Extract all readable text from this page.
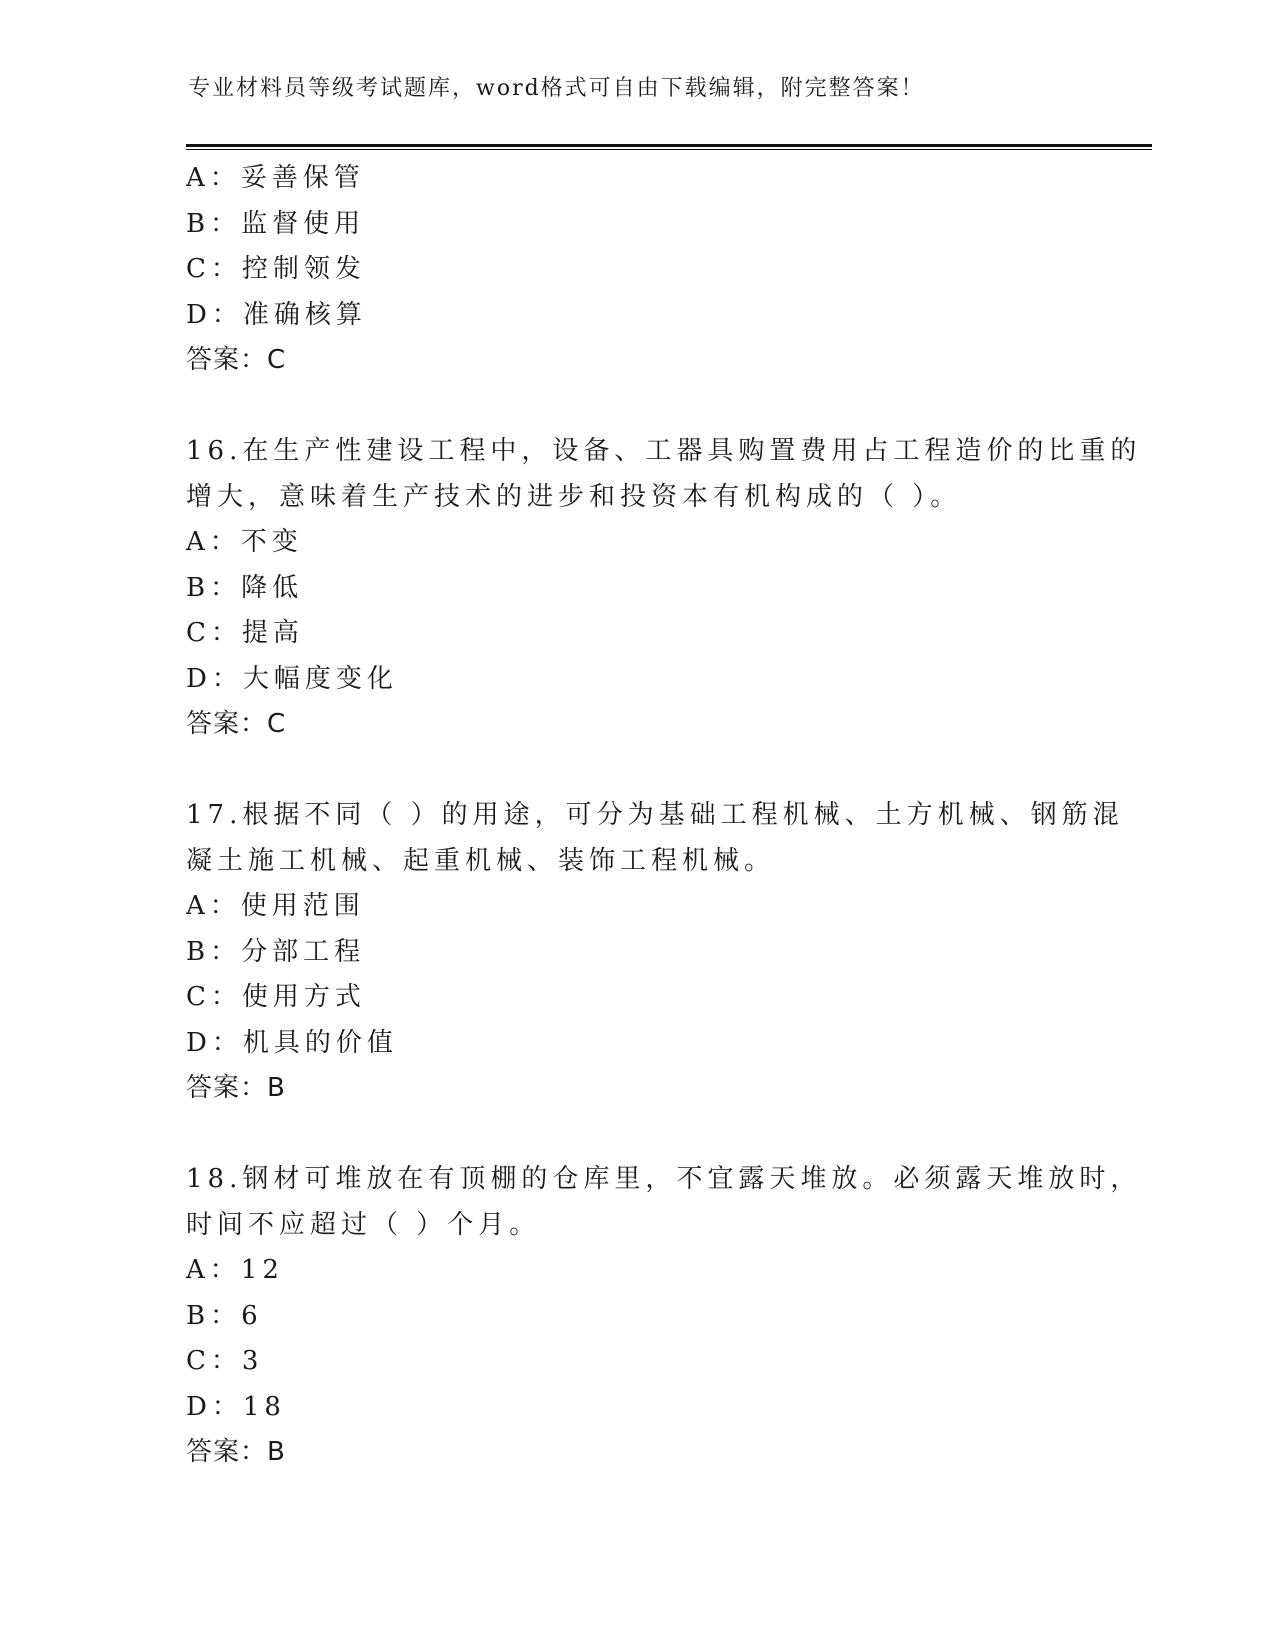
专业材料员等级考试题库，word格式可自由下载编辑，附完整答案！
A：妥善保管
B：监督使用
C：控制领发
D：准确核算
答案：C
16.在生产性建设工程中，设备、工器具购置费用占工程造价的比重的
增大，意味着生产技术的进步和投资本有机构成的（ ）。
A：不变
B：降低
C：提高
D：大幅度变化
答案：C
17.根据不同（ ）的用途，可分为基础工程机械、土方机械、钢筋混
凝土施工机械、起重机械、装饰工程机械。
A：使用范围
B：分部工程
C：使用方式
D：机具的价值
答案：B
18.钢材可堆放在有顶棚的仓库里，不宜露天堆放。必须露天堆放时，
时间不应超过（ ）个月。
A：12
B：6
C：3
D：18
答案：B
